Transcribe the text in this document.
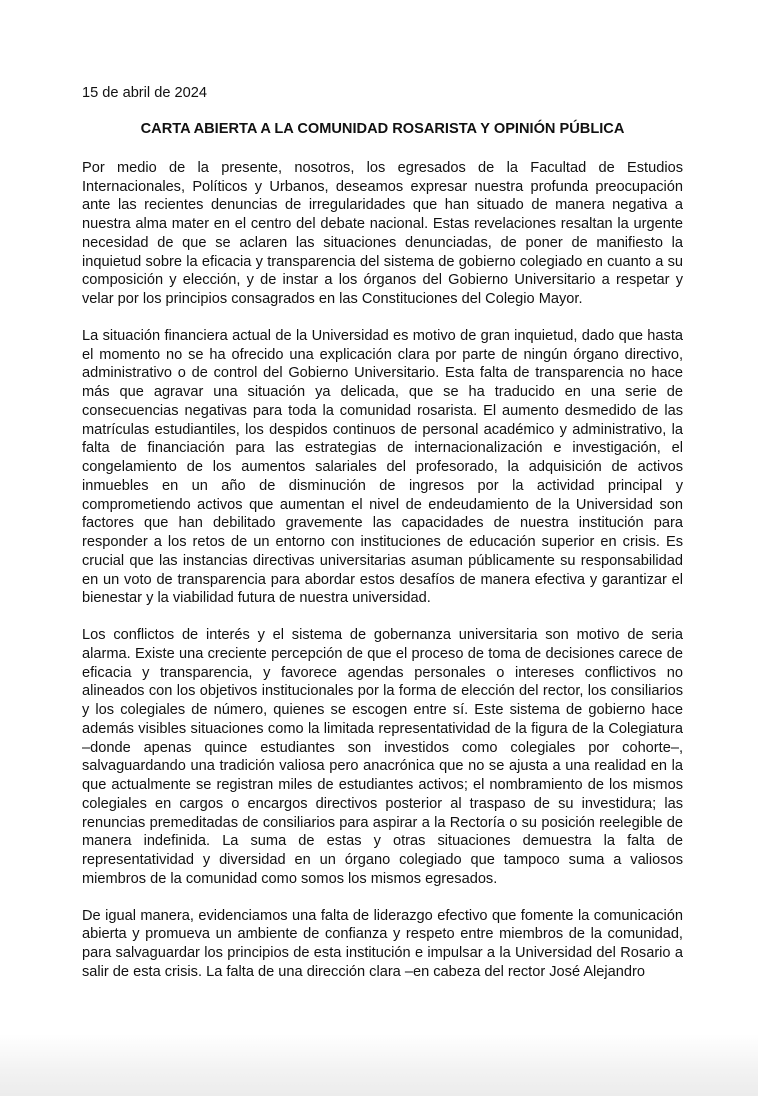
15 de abril de 2024

CARTA ABIERTA A LA COMUNIDAD ROSARISTA Y OPINIÓN PÚBLICA

Por medio de la presente, nosotros, los egresados de la Facultad de Estudios Internacionales, Políticos y Urbanos, deseamos expresar nuestra profunda preocupación ante las recientes denuncias de irregularidades que han situado de manera negativa a nuestra alma mater en el centro del debate nacional. Estas revelaciones resaltan la urgente necesidad de que se aclaren las situaciones denunciadas, de poner de manifiesto la inquietud sobre la eficacia y transparencia del sistema de gobierno colegiado en cuanto a su composición y elección, y de instar a los órganos del Gobierno Universitario a respetar y velar por los principios consagrados en las Constituciones del Colegio Mayor.

La situación financiera actual de la Universidad es motivo de gran inquietud, dado que hasta el momento no se ha ofrecido una explicación clara por parte de ningún órgano directivo, administrativo o de control del Gobierno Universitario. Esta falta de transparencia no hace más que agravar una situación ya delicada, que se ha traducido en una serie de consecuencias negativas para toda la comunidad rosarista. El aumento desmedido de las matrículas estudiantiles, los despidos continuos de personal académico y administrativo, la falta de financiación para las estrategias de internacionalización e investigación, el congelamiento de los aumentos salariales del profesorado, la adquisición de activos inmuebles en un año de disminución de ingresos por la actividad principal y comprometiendo activos que aumentan el nivel de endeudamiento de la Universidad son factores que han debilitado gravemente las capacidades de nuestra institución para responder a los retos de un entorno con instituciones de educación superior en crisis. Es crucial que las instancias directivas universitarias asuman públicamente su responsabilidad en un voto de transparencia para abordar estos desafíos de manera efectiva y garantizar el bienestar y la viabilidad futura de nuestra universidad.

Los conflictos de interés y el sistema de gobernanza universitaria son motivo de seria alarma. Existe una creciente percepción de que el proceso de toma de decisiones carece de eficacia y transparencia, y favorece agendas personales o intereses conflictivos no alineados con los objetivos institucionales por la forma de elección del rector, los consiliarios y los colegiales de número, quienes se escogen entre sí. Este sistema de gobierno hace además visibles situaciones como la limitada representatividad de la figura de la Colegiatura –donde apenas quince estudiantes son investidos como colegiales por cohorte–, salvaguardando una tradición valiosa pero anacrónica que no se ajusta a una realidad en la que actualmente se registran miles de estudiantes activos; el nombramiento de los mismos colegiales en cargos o encargos directivos posterior al traspaso de su investidura; las renuncias premeditadas de consiliarios para aspirar a la Rectoría o su posición reelegible de manera indefinida. La suma de estas y otras situaciones demuestra la falta de representatividad y diversidad en un órgano colegiado que tampoco suma a valiosos miembros de la comunidad como somos los mismos egresados.

De igual manera, evidenciamos una falta de liderazgo efectivo que fomente la comunicación abierta y promueva un ambiente de confianza y respeto entre miembros de la comunidad, para salvaguardar los principios de esta institución e impulsar a la Universidad del Rosario a salir de esta crisis. La falta de una dirección clara –en cabeza del rector José Alejandro
